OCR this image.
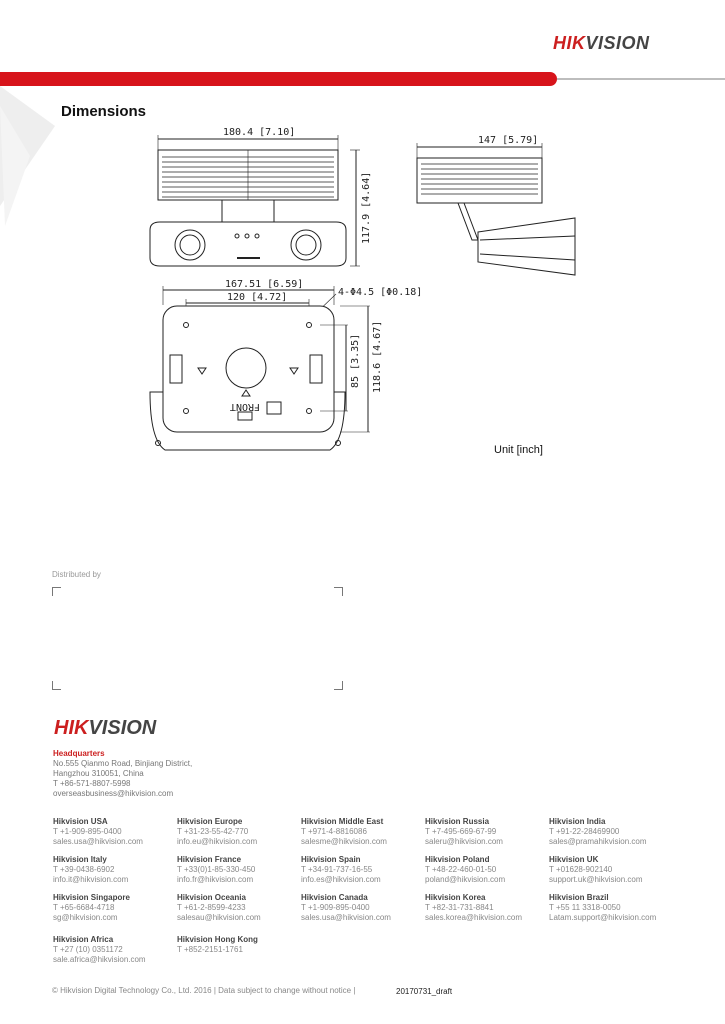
HIKVISION
Dimensions
180.4 [7.10]
117.9 [4.64]
147 [5.79]
167.51 [6.59]
120 [4.72]	4-Φ4.5 [Φ0.18]
85 [3.35] 118.6 [4.67]
FRONT
Unit [inch]
Distributed by
HIKVISION
Headquarters
No.555 Qianmo Road, Binjiang District,
Hangzhou 310051, China
T +86-571-8807-5998
overseasbusiness@hikvision.com
Hikvision USA
T +1-909-895-0400
sales.usa@hikvision.com
Hikvision Europe
T +31-23-55-42-770
info.eu@hikvision.com
Hikvision Middle East
T +971-4-8816086
salesme@hikvision.com
Hikvision Russia
T +7-495-669-67-99
saleru@hikvision.com
Hikvision India
T +91-22-28469900
sales@pramahikvision.com
Hikvision Italy
T +39-0438-6902
info.it@hikvision.com
Hikvision France
T +33(0)1-85-330-450
info.fr@hikvision.com
Hikvision Spain
T +34-91-737-16-55
info.es@hikvision.com
Hikvision Poland
T +48-22-460-01-50
poland@hikvision.com
Hikvision UK
T +01628-902140
support.uk@hikvision.com
Hikvision Singapore
T +65-6684-4718
sg@hikvision.com
Hikvision Oceania
T +61-2-8599-4233
salesau@hikvision.com
Hikvision Canada
T +1-909-895-0400
sales.usa@hikvision.com
Hikvision Korea
T +82-31-731-8841
sales.korea@hikvision.com
Hikvision Brazil
T +55 11 3318-0050
Latam.support@hikvision.com
Hikvision Africa
T +27 (10) 0351172
sale.africa@hikvision.com
Hikvision Hong Kong
T +852-2151-1761
© Hikvision Digital Technology Co., Ltd. 2016 | Data subject to change without notice |	20170731_draft
